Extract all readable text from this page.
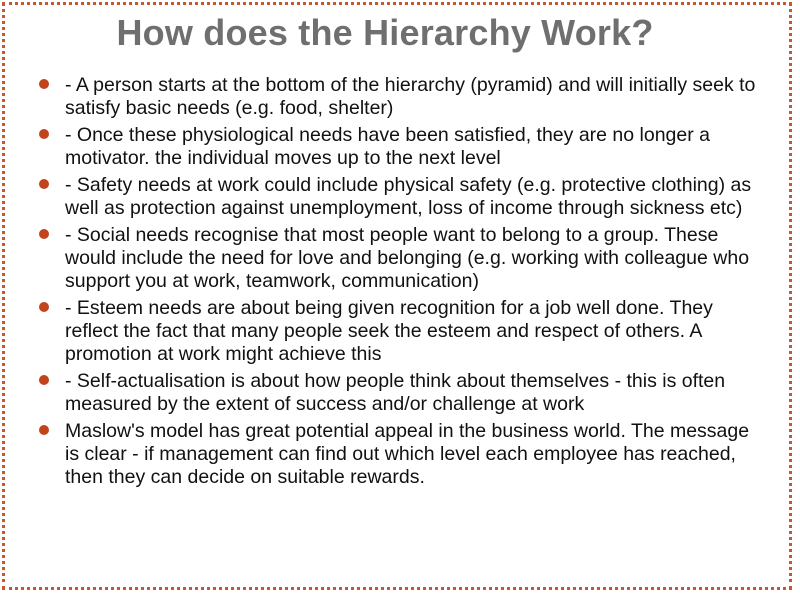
How does the Hierarchy Work?
- A person starts at the bottom of the hierarchy (pyramid) and will initially seek to satisfy basic needs (e.g. food, shelter)
- Once these physiological needs have been satisfied, they are no longer a motivator. the individual moves up to the next level
- Safety needs at work could include physical safety (e.g. protective clothing) as well as protection against unemployment, loss of income through sickness etc)
- Social needs recognise that most people want to belong to a group. These would include the need for love and belonging (e.g. working with colleague who support you at work, teamwork, communication)
- Esteem needs are about being given recognition for a job well done. They reflect the fact that many people seek the esteem and respect of others. A promotion at work might achieve this
- Self-actualisation is about how people think about themselves - this is often measured by the extent of success and/or challenge at work
Maslow's model has great potential appeal in the business world. The message is clear - if management can find out which level each employee has reached, then they can decide on suitable rewards.
